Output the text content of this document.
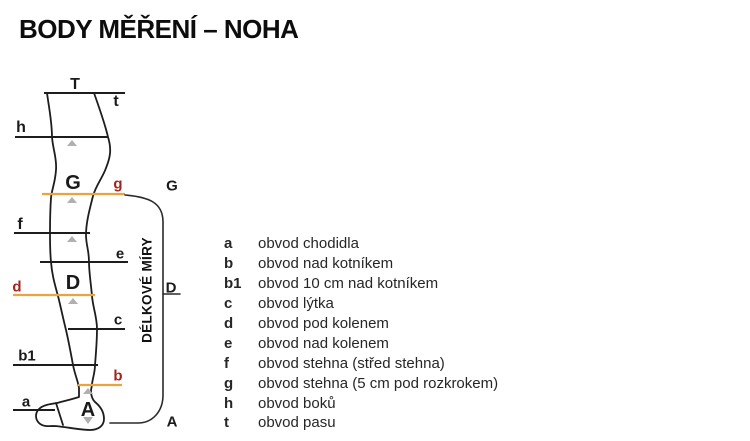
BODY MĚŘENÍ – NOHA
T
t
h
G g
f
e
D
d
c
b1
b
a	A
G
D
A
DÉLKOVÉ MÍRY	a	obvod chodidla
b	obvod nad kotníkem
b1	obvod 10 cm nad kotníkem
c	obvod lýtka
d	obvod pod kolenem
e	obvod nad kolenem
f	obvod stehna (střed stehna)
g	obvod stehna (5 cm pod rozkrokem)
h	obvod boků
t	obvod pasu
